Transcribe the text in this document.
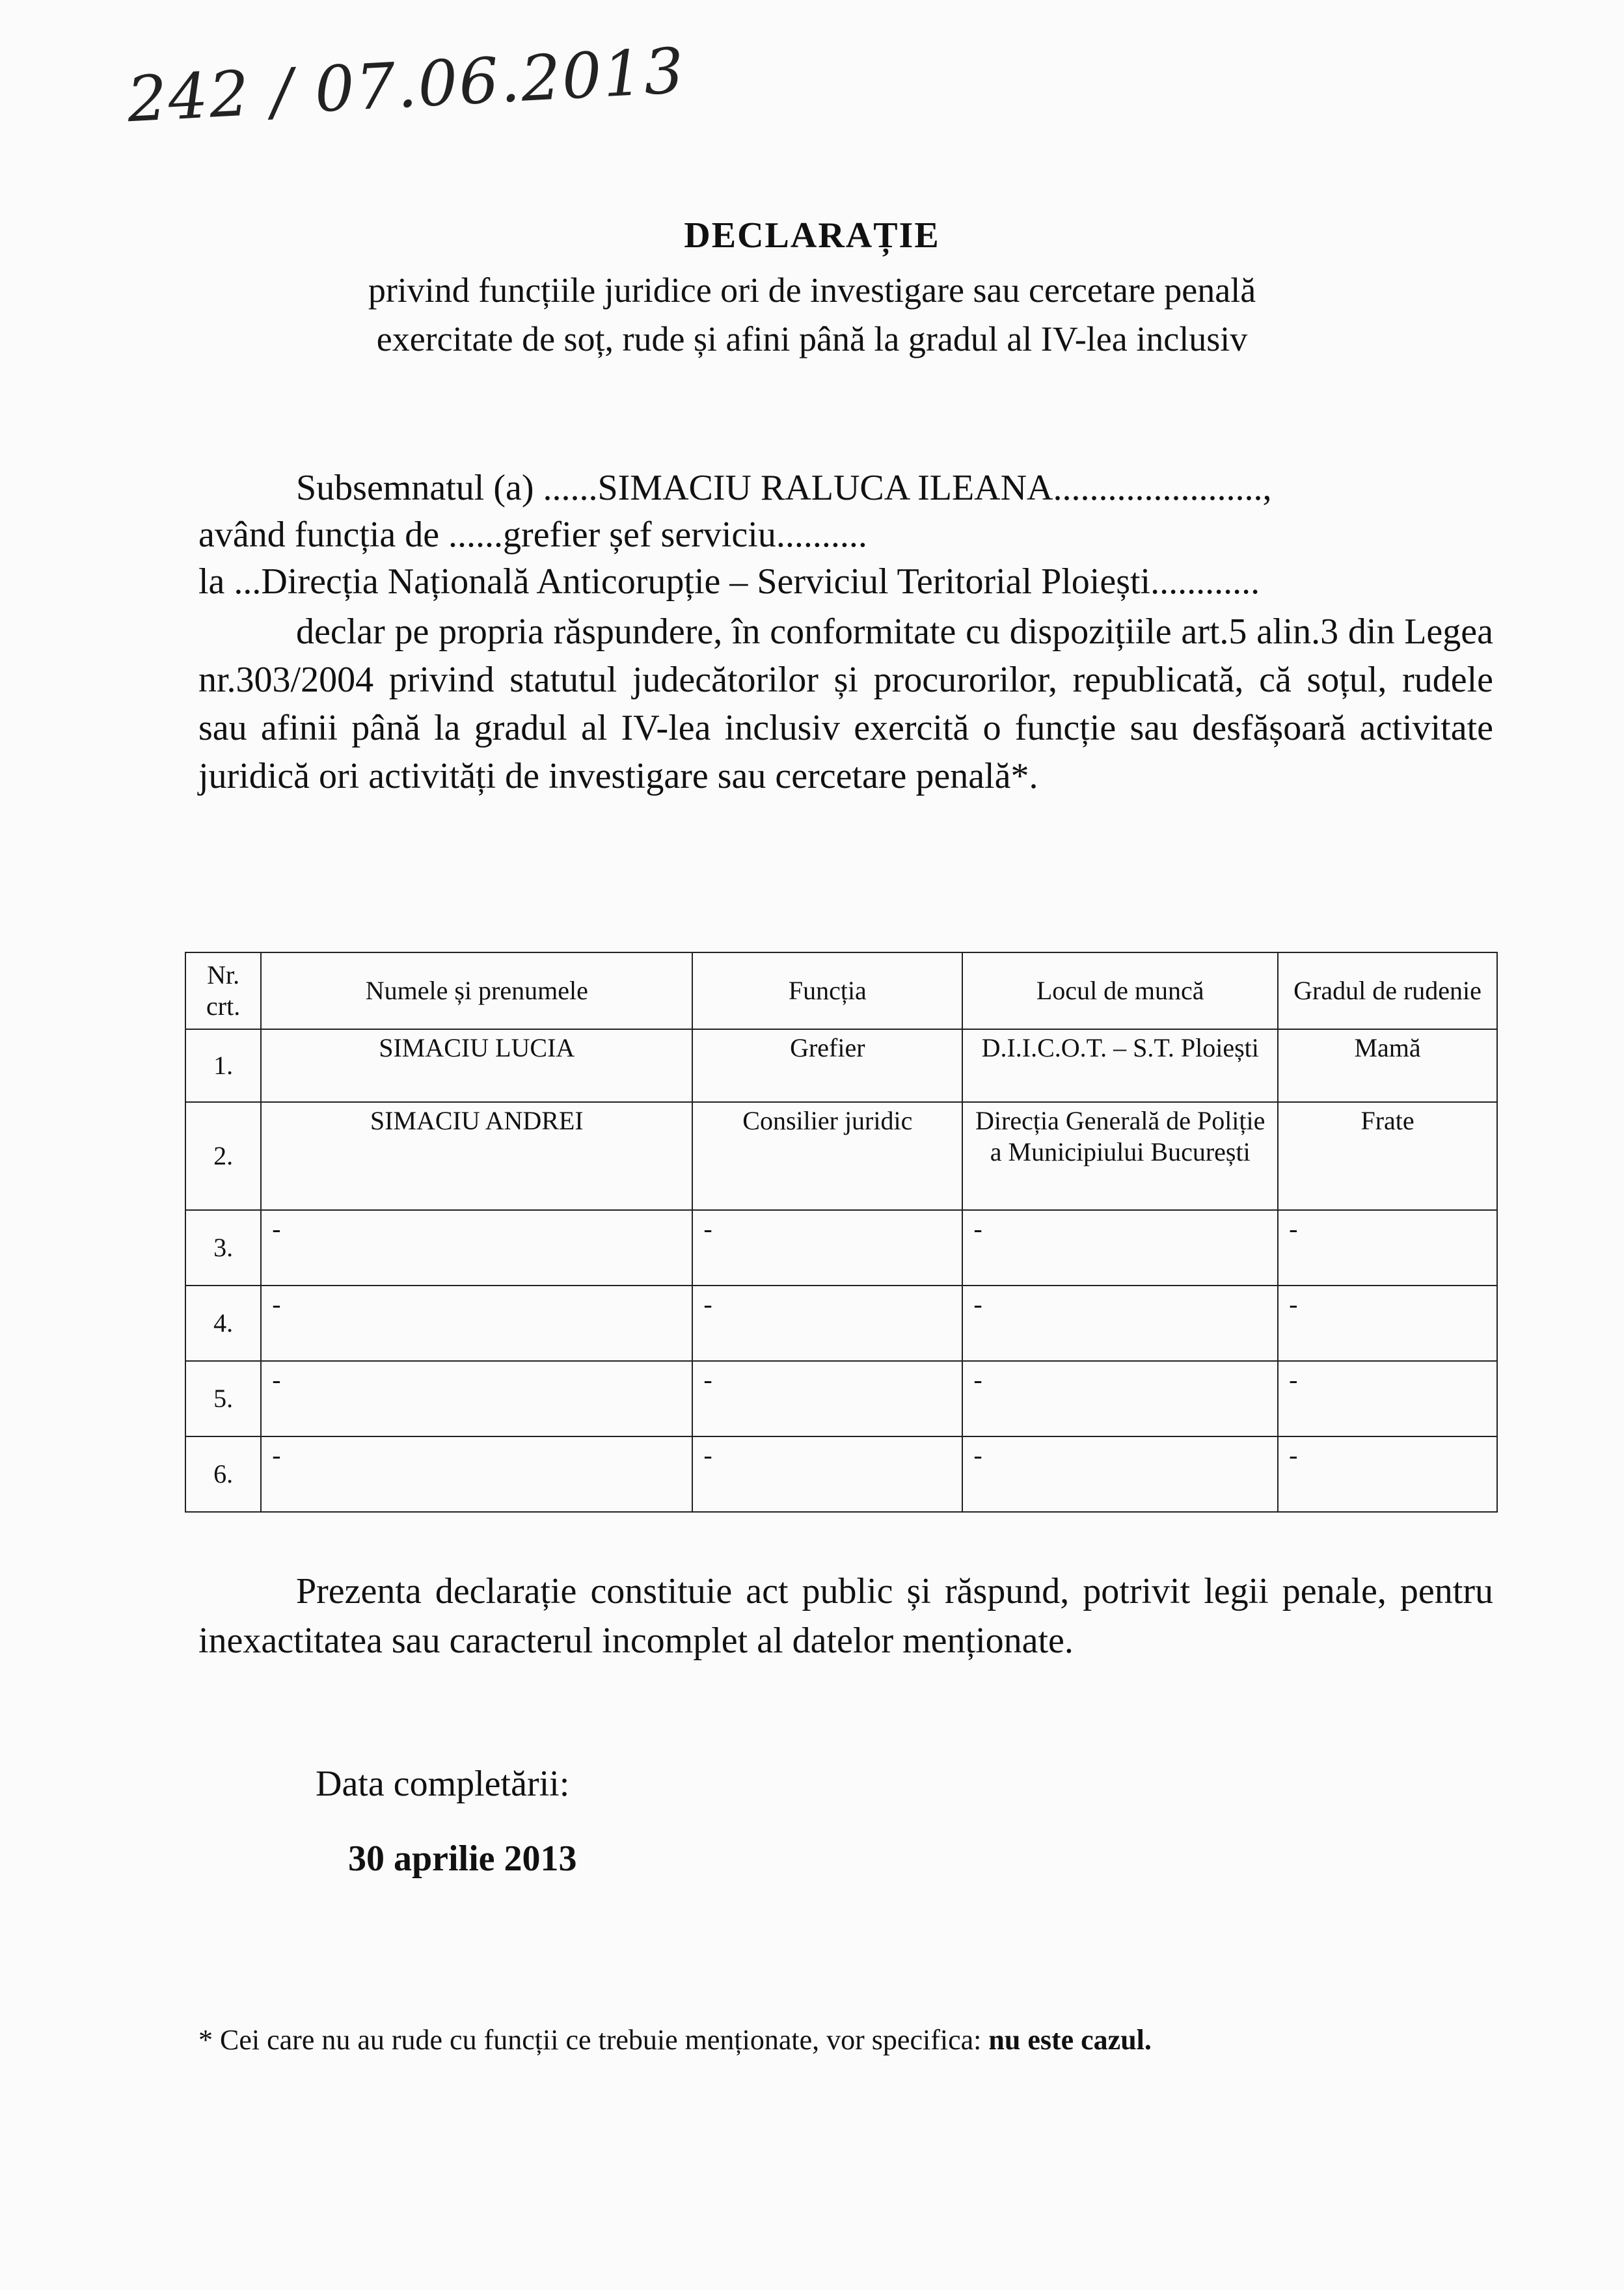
242 / 07.06.2013
DECLARAȚIE
privind funcțiile juridice ori de investigare sau cercetare penală
exercitate de soț, rude și afini până la gradul al IV-lea inclusiv
Subsemnatul (a) ......SIMACIU RALUCA ILEANA.......................,
având funcția de ......grefier șef serviciu..........
la ...Direcția Națională Anticorupție – Serviciul Teritorial Ploiești............
declar pe propria răspundere, în conformitate cu dispozițiile art.5 alin.3 din Legea nr.303/2004 privind statutul judecătorilor și procurorilor, republicată, că soțul, rudele sau afinii până la gradul al IV-lea inclusiv exercită o funcție sau desfășoară activitate juridică ori activități de investigare sau cercetare penală*.
Nr. crt.	Numele și prenumele	Funcția	Locul de muncă	Gradul de rudenie
1.	SIMACIU LUCIA	Grefier	D.I.I.C.O.T. – S.T. Ploiești	Mamă
2.	SIMACIU ANDREI	Consilier juridic	Direcția Generală de Poliție a Municipiului București	Frate
3.	-	-	-	-
4.	-	-	-	-
5.	-	-	-	-
6.	-	-	-	-
Prezenta declarație constituie act public și răspund, potrivit legii penale, pentru inexactitatea sau caracterul incomplet al datelor menționate.
Data completării:
30 aprilie 2013
* Cei care nu au rude cu funcții ce trebuie menționate, vor specifica: nu este cazul.
